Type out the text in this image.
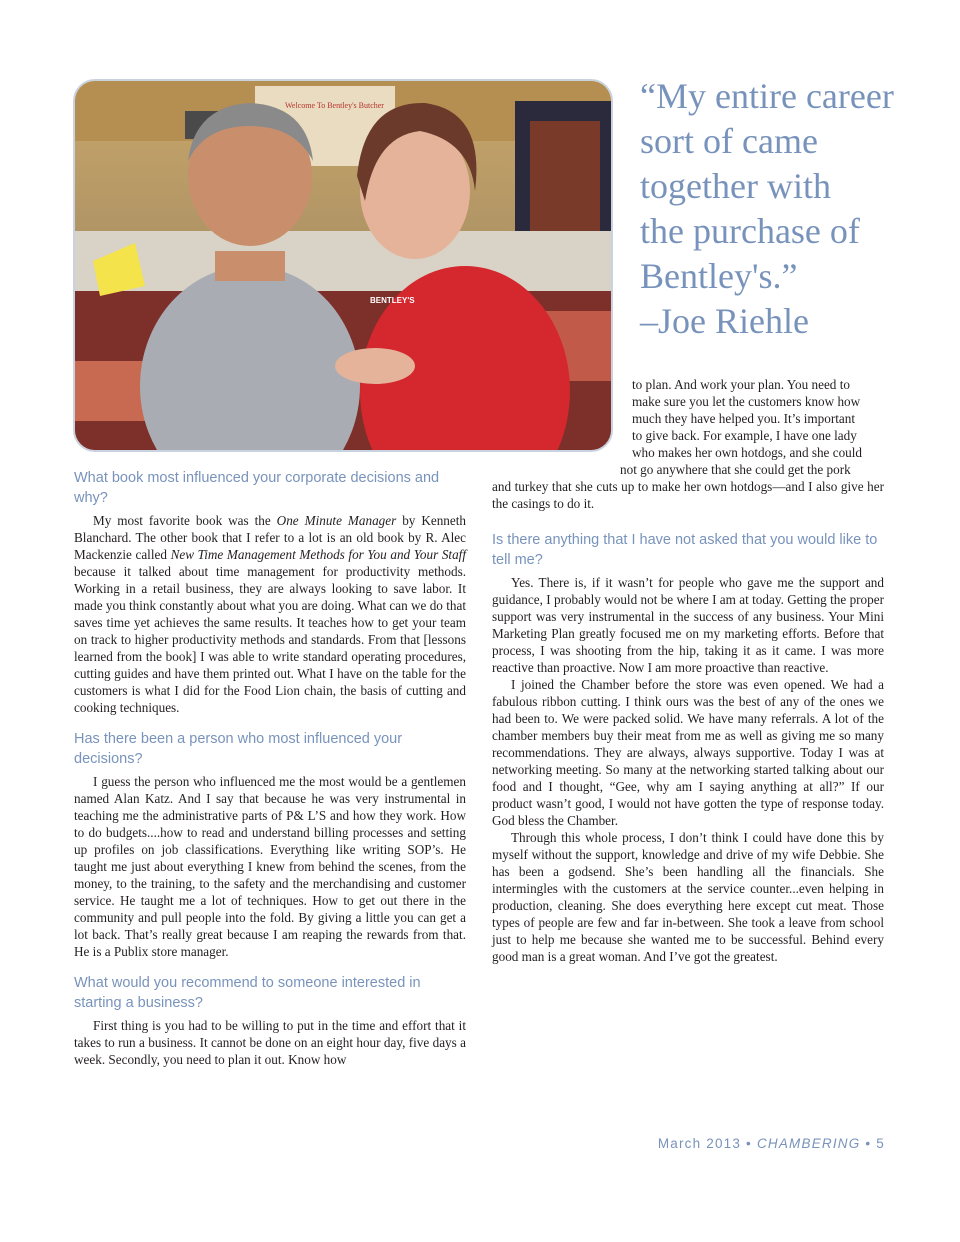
BENTLEY'S
Welcome To Bentley's Butcher	“My entire career
sort of came
together with
the purchase of
Bentley's.”
–Joe Riehle
What book most influenced your corporate decisions and why?

My most favorite book was the One Minute Manager by Kenneth Blanchard. The other book that I refer to a lot is an old book by R. Alec Mackenzie called New Time Management Methods for You and Your Staff because it talked about time management for productivity methods. Working in a retail business, they are always looking to save labor. It made you think constantly about what you are doing. What can we do that saves time yet achieves the same results. It teaches how to get your team on track to higher productivity methods and standards. From that [lessons learned from the book] I was able to write standard operating procedures, cutting guides and have them printed out. What I have on the table for the customers is what I did for the Food Lion chain, the basis of cutting and cooking techniques.

Has there been a person who most influenced your decisions?

I guess the person who influenced me the most would be a gentlemen named Alan Katz. And I say that because he was very instrumental in teaching me the administrative parts of P& L’S and how they work. How to do budgets....how to read and understand billing processes and setting up profiles on job classifications. Everything like writing SOP’s. He taught me just about everything I knew from behind the scenes, from the money, to the training, to the safety and the merchandising and customer service. He taught me a lot of techniques. How to get out there in the community and pull people into the fold. By giving a little you can get a lot back. That’s really great because I am reaping the rewards from that. He is a Publix store manager.

What would you recommend to someone interested in starting a business?

First thing is you had to be willing to put in the time and effort that it takes to run a business. It cannot be done on an eight hour day, five days a week. Secondly, you need to plan it out. Know how

to plan. And work your plan. You need to
make sure you let the customers know how
much they have helped you. It’s important
to give back. For example, I have one lady
who makes her own hotdogs, and she could
not go anywhere that she could get the pork

and turkey that she cuts up to make her own hotdogs—and I also give her the casings to do it.

Is there anything that I have not asked that you would like to tell me?

Yes. There is, if it wasn’t for people who gave me the support and guidance, I probably would not be where I am at today. Getting the proper support was very instrumental in the success of any business. Your Mini Marketing Plan greatly focused me on my marketing efforts. Before that process, I was shooting from the hip, taking it as it came. I was more reactive than proactive. Now I am more proactive than reactive.

I joined the Chamber before the store was even opened. We had a fabulous ribbon cutting. I think ours was the best of any of the ones we had been to. We were packed solid. We have many referrals. A lot of the chamber members buy their meat from me as well as giving me so many recommendations. They are always, always supportive. Today I was at networking meeting. So many at the networking started talking about our food and I thought, “Gee, why am I saying anything at all?” If our product wasn’t good, I would not have gotten the type of response today. God bless the Chamber.

Through this whole process, I don’t think I could have done this by myself without the support, knowledge and drive of my wife Debbie. She has been a godsend. She’s been handling all the financials. She intermingles with the customers at the service counter...even helping in production, cleaning. She does everything here except cut meat. Those types of people are few and far in-between. She took a leave from school just to help me because she wanted me to be successful. Behind every good man is a great woman. And I’ve got the greatest.

March 2013 • CHAMBERING • 5
